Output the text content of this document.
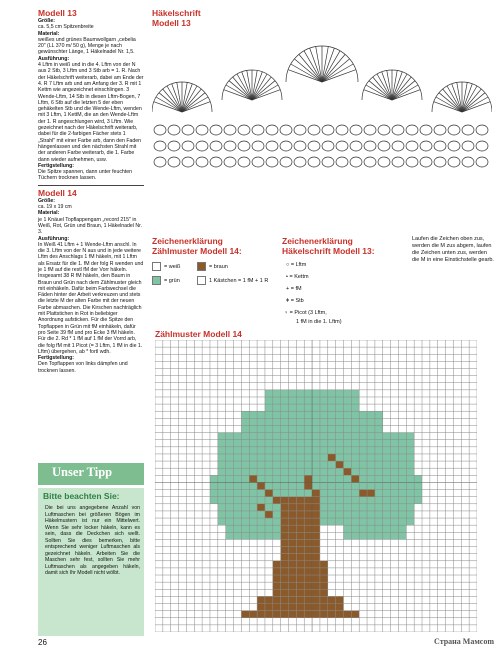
Modell 13

Größe:
ca. 5,5 cm Spitzenbreite

Material:
weißes und grünes Baumwollgarn „cebelia 20" (LL 370 m/ 50 g), Menge je nach gewünschter Länge, 1 Häkelnadel Nr. 1,5.

Ausführung:
4 Lftm in weiß und in die 4. Lftm von der N aus 2 Stb, 3 Lftm und 3 Stb arb = 1. R. Nach der Häkelschrift weiterarb, dabei am Ende der 4. R 7 Lftm arb und am Anfang der 3. R mit 1 Kettm wie angezeichnet einschlingen. 3 Wende-Lftm, 14 Stb in diesen Lftm-Bogen, 7 Lftm, 6 Stb auf die letzten 5 der eben gehäkelten Stb und die Wende-Lftm, wenden mit 3 Lftm, 1 KettM, die an den Wende-Lftm der 1. R angeschlungen wird, 3 Lftm. Wie gezeichnet nach der Häkelschrift weiterarb, dabei für die 2-farbigen Fächer stets 1 „Strahl" mit einer Farbe arb, dann den Faden hängenlassen und den nächsten Strahl mit der anderen Farbe weiterarb, die 1. Farbe dann wieder aufnehmen, usw.

Fertigstellung:
Die Spitze spannen, dann unter feuchten Tüchern trocknen lassen.

Modell 14

Größe:
ca. 19 x 19 cm

Material:
je 1 Knäuel Topflappengarn „record 215" in Weiß, Rot, Grün und Braun, 1 Häkelnadel Nr. 3.

Ausführung:
In Weiß 41 Lftm + 1 Wende-Lftm anschl. In die 3. Lftm von der N aus und in jede weitere Lftm des Anschlags 1 fM häkeln, mit 1 Lftm als Ersatz für die 1. fM der folg R wenden und je 1 fM auf die restl fM der Vorr häkeln. Insgesamt 38 R fM häkeln, den Baum in Braun und Grün nach dem Zählmuster gleich mit einhäkeln. Dafür beim Farbwechsel die Fäden hinter der Arbeit verkreuzen und stets die letzte M der alten Farbe mit der neuen Farbe abmaschen. Die Kirschen nachträglich mit Plattstichen in Rot in beliebiger Anordnung aufsticken. Für die Spitze den Topflappen in Grün mit fM einhäkeln, dafür pro Seite 39 fM und pro Ecke 3 fM häkeln. Für die 2. Rd * 1 fM auf 1 fM der Vorrd arb, die folg fM mit 1 Picot (= 3 Lftm, 1 fM in die 1. Lftm) übergehen, ab * fortl wdh.

Fertigstellung:
Den Topflappen von links dämpfen und trocknen lassen.

Unser Tipp
Bitte beachten Sie:

Die bei uns angegebene Anzahl von Luftmaschen bei größeren Bögen im Häkelmustern ist nur ein Mittelwert. Wenn Sie sehr locker häkeln, kann es sein, dass die Deckchen sich wellt. Sollten Sie dies bemerken, bitte entsprechend weniger Luftmaschen als gezeichnet häkeln. Arbeiten Sie die Maschen sehr fest, sollten Sie mehr Luftmaschen als angegeben häkeln, damit sich Ihr Modell nicht wölbt.

26
Häkelschrift
Modell 13
Zeichenerklärung
Zählmuster Modell 14:
= weiß	= braun
= grün	1 Kästchen = 1 fM + 1 R
Zeichenerklärung
Häkelschrift Modell 13:
○ = Lftm
• = Kettm
+ = fM
ǂ = Stb
♀ = Picot (3 Lftm,
1 fM in die 1. Lftm)
Laufen die Zeichen oben zus, werden die M zus abgem, laufen die Zeichen unten zus, werden die M in eine Einstichstelle gearb.
Zählmuster Modell 14
Страна Мамcom
